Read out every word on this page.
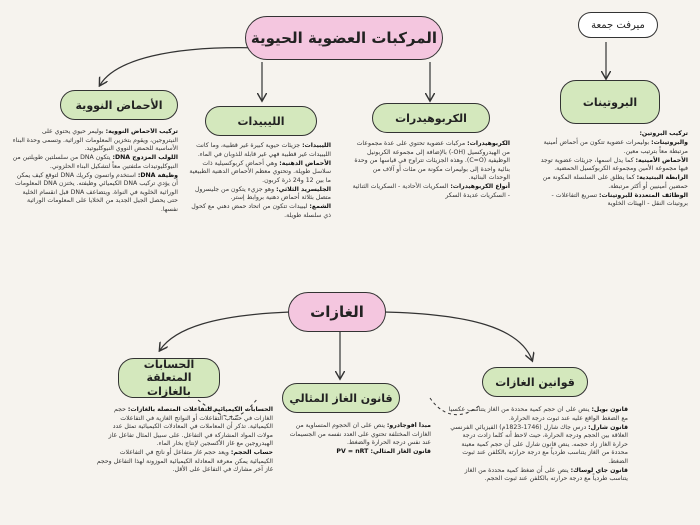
ميرفت جمعة
المركبات العضوية الحيوية
الأحماض النووية
الليبيدات	الكربوهيدرات
البروتينات

تركيب الأحماض النووية: بوليمر حيوي يحتوي على النيتروجين، ويقوم بتخزين المعلومات الوراثية. وتسمى وحدة البناء الأساسية للحمض النووي النيوكليوتيد.

اللولب المزدوج DNA: يتكون DNA من سلسلتين طويلتين من النيوكليوتيدات ملتفتين معاً لتشكيل البناء الحلزوني.

وظيفة DNA: استخدم واتسون وكريك DNA لتوقع كيف يمكن أن يؤدي تركيب DNA الكيميائي وظيفته. يختزن DNA المعلومات الوراثية الخلوية في النواة. ويتضاعف DNA قبل انقسام الخلية حتى يحصل الجيل الجديد من الخلايا على المعلومات الوراثية نفسها.

الليبيدات: جزيئات حيوية كبيرة غير قطبية، وما كانت الليبيدات غير قطبية فهي غير قابلة للذوبان في الماء.

الأحماض الدهنية: وهي أحماض كربوكسيلية ذات سلاسل طويلة. وتحتوي معظم الأحماض الدهنية الطبيعية ما بين 12 و24 ذرة كربون.

الجليسريد الثلاثي: وهو جزيء يتكون من جليسرول متصل بثلاثة أحماض دهنية بروابط إستر.

الشمع: ليبيدات تتكون من اتحاد حمض دهني مع كحول ذي سلسلة طويلة.

الكربوهيدرات: مركبات عضوية تحتوي على عدة مجموعات من الهيدروكسيل (OH-) بالإضافة إلى مجموعة الكربونيل الوظيفية (C=O). وهذه الجزيئات تتراوح في قياسها من وحدة بنائية واحدة إلى بوليمرات مكونة من مئات أو آلاف من الوحدات البنائية.

أنواع الكربوهيدرات: السكريات الأحادية - السكريات الثنائية - السكريات عديدة السكر

تركيب البروتين:

والبروتينات: بوليمرات عضوية تتكون من أحماض أمينية مرتبطة معاً بترتيب معين.

الأحماض الأمينية: كما يدل اسمها، جزيئات عضوية توجد فيها مجموعة الأمين ومجموعة الكربوكسيل الحمضية.

الرابطة الببتيدية: كما يطلق على السلسلة المكونة من حمضين أمينيين أو أكثر مرتبطة.

الوظائف المتعددة للبروتينات: تسريع التفاعلات - بروتينات النقل - الهيئات الخلوية

الغازات
الحسابات المتعلقة بالغازات
قانون الغاز المثالي
قوانين الغازات

الحسابات الكيميائية للتفاعلات المتصلة بالغازات: حجم الغازات في حساب التفاعلات أو النواتج الغازية في التفاعلات الكيميائية. تذكر أن المعاملات في المعادلات الكيميائية تمثل عدد مولات المواد المشاركة في التفاعل. على سبيل المثال تفاعل غاز الهيدروجين مع غاز الأكسجين لإنتاج بخار الماء.

حساب الحجم: ويعد حجم غاز متفاعل أو ناتج في التفاعلات الكيميائية يمكن معرفة المعادلة الكيميائية الموزونة لهذا التفاعل وحجم غاز آخر مشارك في التفاعل على الأقل.

مبدأ أفوجادرو: ينص على أن الحجوم المتساوية من الغازات المختلفة تحتوي على العدد نفسه من الجسيمات عند نفس درجة الحرارة والضغط.

قانون الغاز المثالي: PV = nRT

قانون بويل: ينص على أن حجم كمية محددة من الغاز يتناسب عكسياً مع الضغط الواقع عليه عند ثبوت درجة الحرارة.

قانون شارل: درس جاك شارل (1746-1823م) الفيزيائي الفرنسي العلاقة بين الحجم ودرجة الحرارة، حيث لاحظ أنه كلما زادت درجة حرارة الغاز زاد حجمه. ينص قانون شارل على أن حجم كمية معينة محددة من الغاز يتناسب طردياً مع درجة حرارته بالكلفن عند ثبوت الضغط.

قانون جاي لوساك: ينص على أن ضغط كمية محددة من الغاز يتناسب طردياً مع درجة حرارته بالكلفن عند ثبوت الحجم.
